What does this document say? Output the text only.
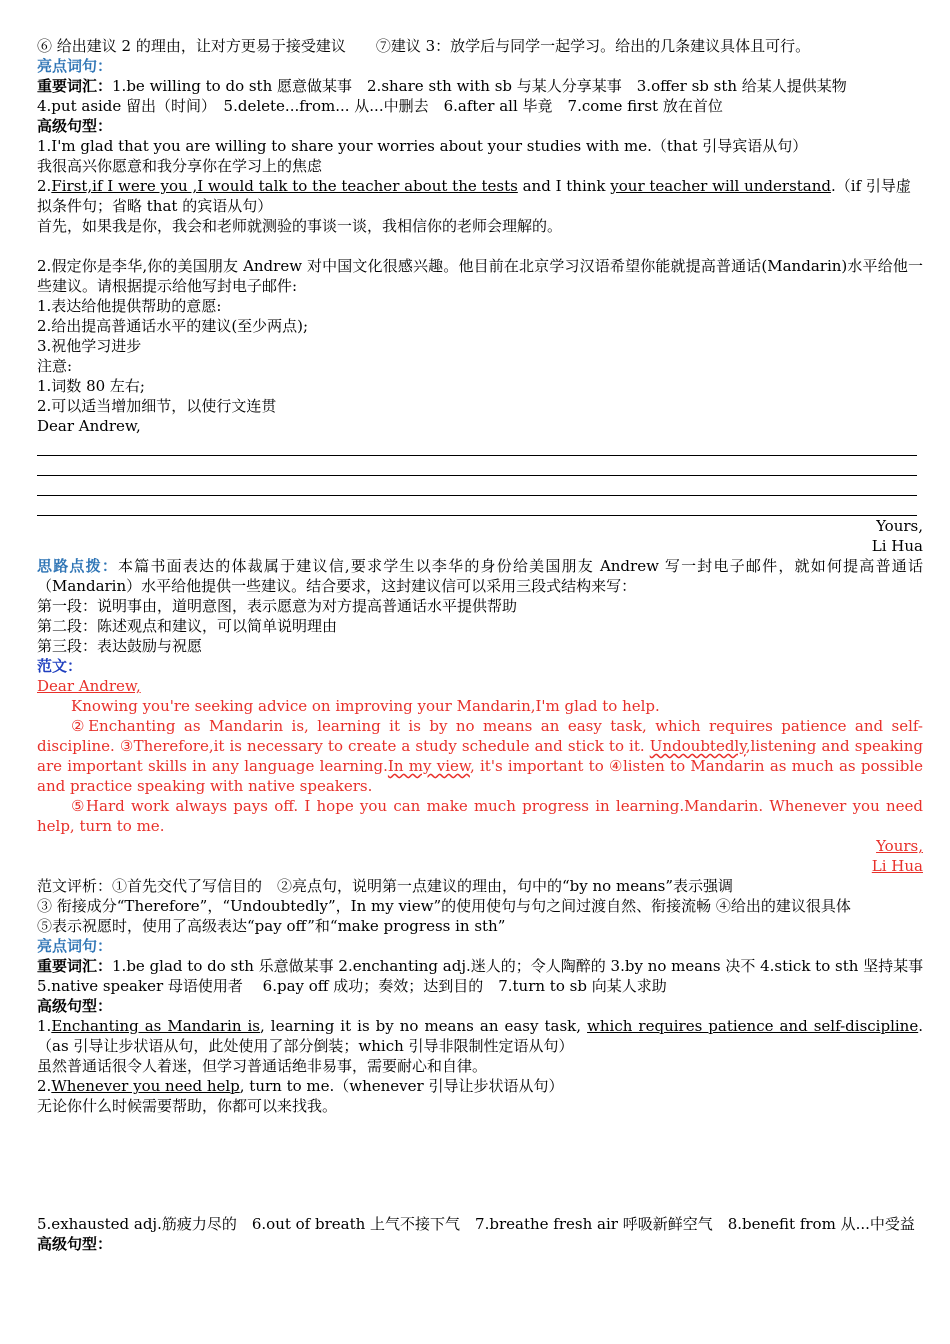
⑥ 给出建议 2 的理由，让对方更易于接受建议　　⑦建议 3：放学后与同学一起学习。给出的几条建议具体且可行。
亮点词句：
重要词汇：1.be willing to do sth 愿意做某事　2.share sth with sb 与某人分享某事　3.offer sb sth 给某人提供某物
4.put aside 留出（时间）　5.delete...from... 从...中删去　6.after all 毕竟　7.come first 放在首位
高级句型：
1.I'm glad that you are willing to share your worries about your studies with me.（that 引导宾语从句）
我很高兴你愿意和我分享你在学习上的焦虑
2.First,if I were you ,I would talk to the teacher about the tests and I think your teacher will understand.（if 引导虚拟条件句；省略 that 的宾语从句）
首先，如果我是你，我会和老师就测验的事谈一谈，我相信你的老师会理解的。
2.假定你是李华,你的美国朋友 Andrew 对中国文化很感兴趣。他目前在北京学习汉语希望你能就提高普通话(Mandarin)水平给他一些建议。请根据提示给他写封电子邮件:
1.表达给他提供帮助的意愿:
2.给出提高普通话水平的建议(至少两点);
3.祝他学习进步
注意:
1.词数 80 左右;
2.可以适当增加细节，以使行文连贯
Dear Andrew,
Yours,
Li Hua
思路点拨：本篇书面表达的体裁属于建议信,要求学生以李华的身份给美国朋友 Andrew 写一封电子邮件，就如何提高普通话（Mandarin）水平给他提供一些建议。结合要求，这封建议信可以采用三段式结构来写：
第一段：说明事由，道明意图，表示愿意为对方提高普通话水平提供帮助
第二段：陈述观点和建议，可以简单说明理由
第三段：表达鼓励与祝愿
范文：
Dear Andrew,
Knowing you're seeking advice on improving your Mandarin,I'm glad to help.
②Enchanting as Mandarin is, learning it is by no means an easy task, which requires patience and self-discipline. ③Therefore,it is necessary to create a study schedule and stick to it. Undoubtedly,listening and speaking are important skills in any language learning.In my view, it's important to ④listen to Mandarin as much as possible and practice speaking with native speakers.
⑤Hard work always pays off. I hope you can make much progress in learning.Mandarin. Whenever you need help, turn to me.
Yours,
Li Hua
范文评析：①首先交代了写信目的　②亮点句，说明第一点建议的理由，句中的“by no means”表示强调
③ 衔接成分“Therefore”，“Undoubtedly”，In my view”的使用使句与句之间过渡自然、衔接流畅 ④给出的建议很具体
⑤表示祝愿时，使用了高级表达“pay off”和“make progress in sth”
亮点词句：
重要词汇：1.be glad to do sth 乐意做某事 2.enchanting adj.迷人的；令人陶醉的 3.by no means 决不 4.stick to sth 坚持某事
5.native speaker 母语使用者　 6.pay off 成功；奏效；达到目的　7.turn to sb 向某人求助
高级句型：
1.Enchanting as Mandarin is, learning it is by no means an easy task, which requires patience and self-discipline.（as 引导让步状语从句，此处使用了部分倒装；which 引导非限制性定语从句）
虽然普通话很令人着迷，但学习普通话绝非易事，需要耐心和自律。
2.Whenever you need help, turn to me.（whenever 引导让步状语从句）
无论你什么时候需要帮助，你都可以来找我。
5.exhausted adj.筋疲力尽的　6.out of breath 上气不接下气　7.breathe fresh air 呼吸新鲜空气　8.benefit from 从...中受益
高级句型：
